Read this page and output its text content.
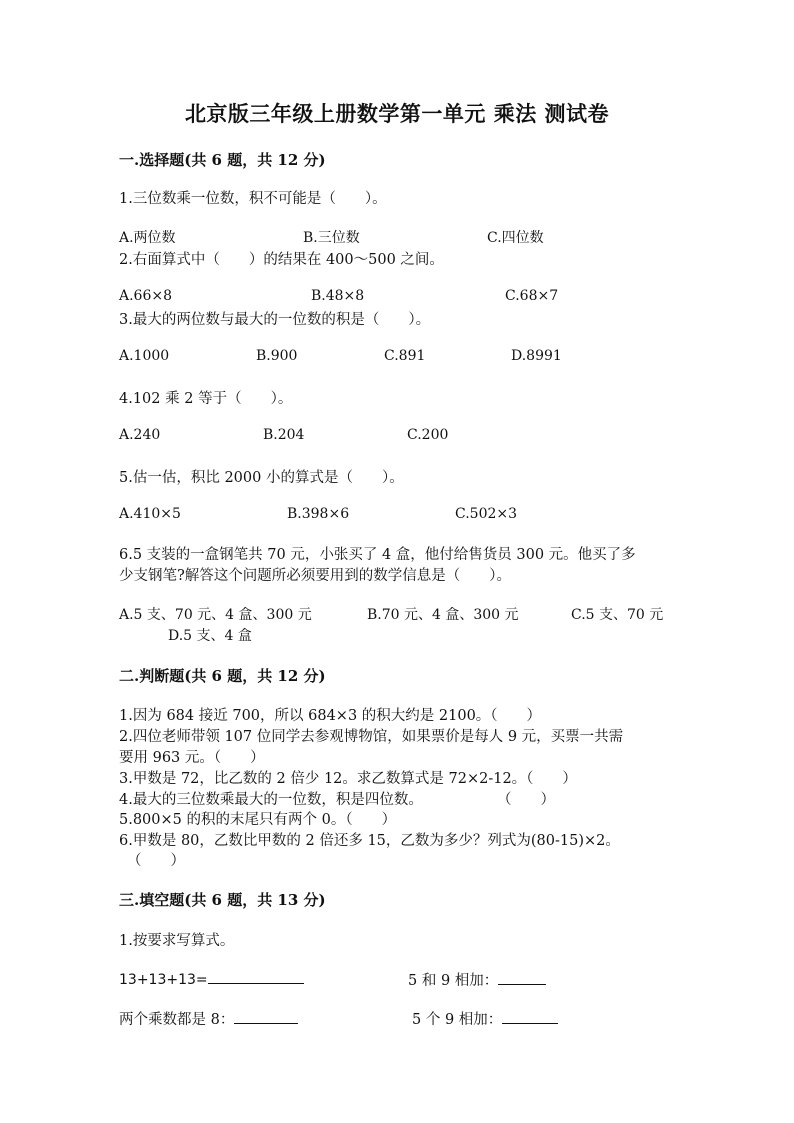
北京版三年级上册数学第一单元 乘法 测试卷
一.选择题(共 6 题，共 12 分)
1.三位数乘一位数，积不可能是（　　）。
A.两位数	B.三位数	C.四位数
2.右面算式中（　　）的结果在 400～500 之间。
A.66×8	B.48×8	C.68×7
3.最大的两位数与最大的一位数的积是（　　）。
A.1000	B.900	C.891	D.8991
4.102 乘 2 等于（　　）。
A.240	B.204	C.200
5.估一估，积比 2000 小的算式是（　　）。
A.410×5	B.398×6	C.502×3
6.5 支装的一盒钢笔共 70 元，小张买了 4 盒，他付给售货员 300 元。他买了多
少支钢笔?解答这个问题所必须要用到的数学信息是（　　）。
A.5 支、70 元、4 盒、300 元	B.70 元、4 盒、300 元	C.5 支、70 元
D.5 支、4 盒
二.判断题(共 6 题，共 12 分)
1.因为 684 接近 700，所以 684×3 的积大约是 2100。（　　）
2.四位老师带领 107 位同学去参观博物馆，如果票价是每人 9 元，买票一共需
要用 963 元。（　　）
3.甲数是 72，比乙数的 2 倍少 12。求乙数算式是 72×2-12。（　　）
4.最大的三位数乘最大的一位数，积是四位数。	（　　）
5.800×5 的积的末尾只有两个 0。（　　）
6.甲数是 80，乙数比甲数的 2 倍还多 15，乙数为多少？列式为(80-15)×2。
（　　）
三.填空题(共 6 题，共 13 分)
1.按要求写算式。
13+13+13=	5 和 9 相加：
两个乘数都是 8：	5 个 9 相加：
